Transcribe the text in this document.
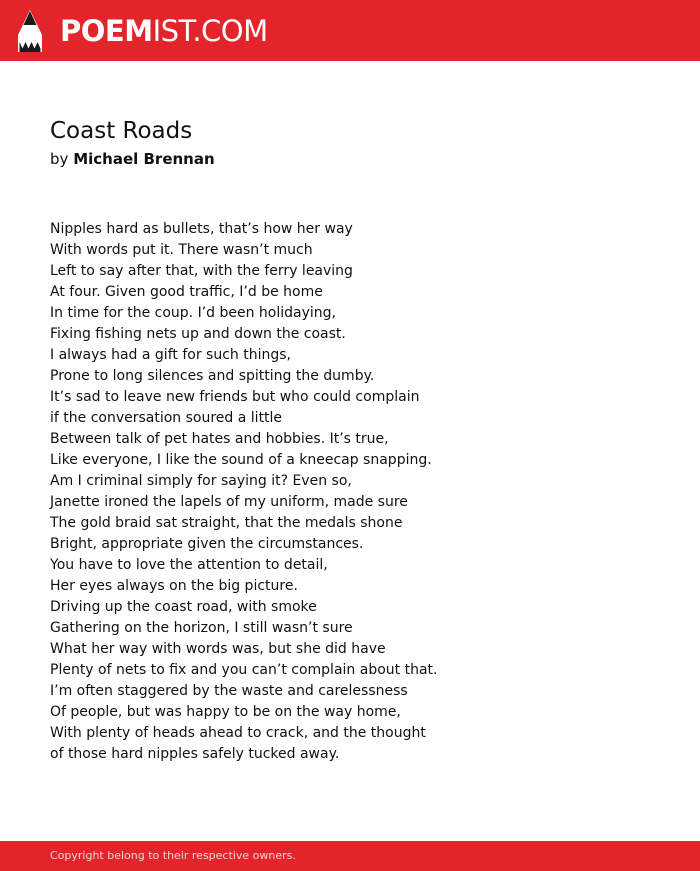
POEMIST.COM
Coast Roads

by Michael Brennan

Nipples hard as bullets, that’s how her way
With words put it. There wasn’t much
Left to say after that, with the ferry leaving
At four. Given good traffic, I’d be home
In time for the coup. I’d been holidaying,
Fixing fishing nets up and down the coast.
I always had a gift for such things,
Prone to long silences and spitting the dumby.
It’s sad to leave new friends but who could complain
if the conversation soured a little
Between talk of pet hates and hobbies. It’s true,
Like everyone, I like the sound of a kneecap snapping.
Am I criminal simply for saying it? Even so,
Janette ironed the lapels of my uniform, made sure
The gold braid sat straight, that the medals shone
Bright, appropriate given the circumstances.
You have to love the attention to detail,
Her eyes always on the big picture.
Driving up the coast road, with smoke
Gathering on the horizon, I still wasn’t sure
What her way with words was, but she did have
Plenty of nets to fix and you can’t complain about that.
I’m often staggered by the waste and carelessness
Of people, but was happy to be on the way home,
With plenty of heads ahead to crack, and the thought
of those hard nipples safely tucked away.
Copyright belong to their respective owners.
